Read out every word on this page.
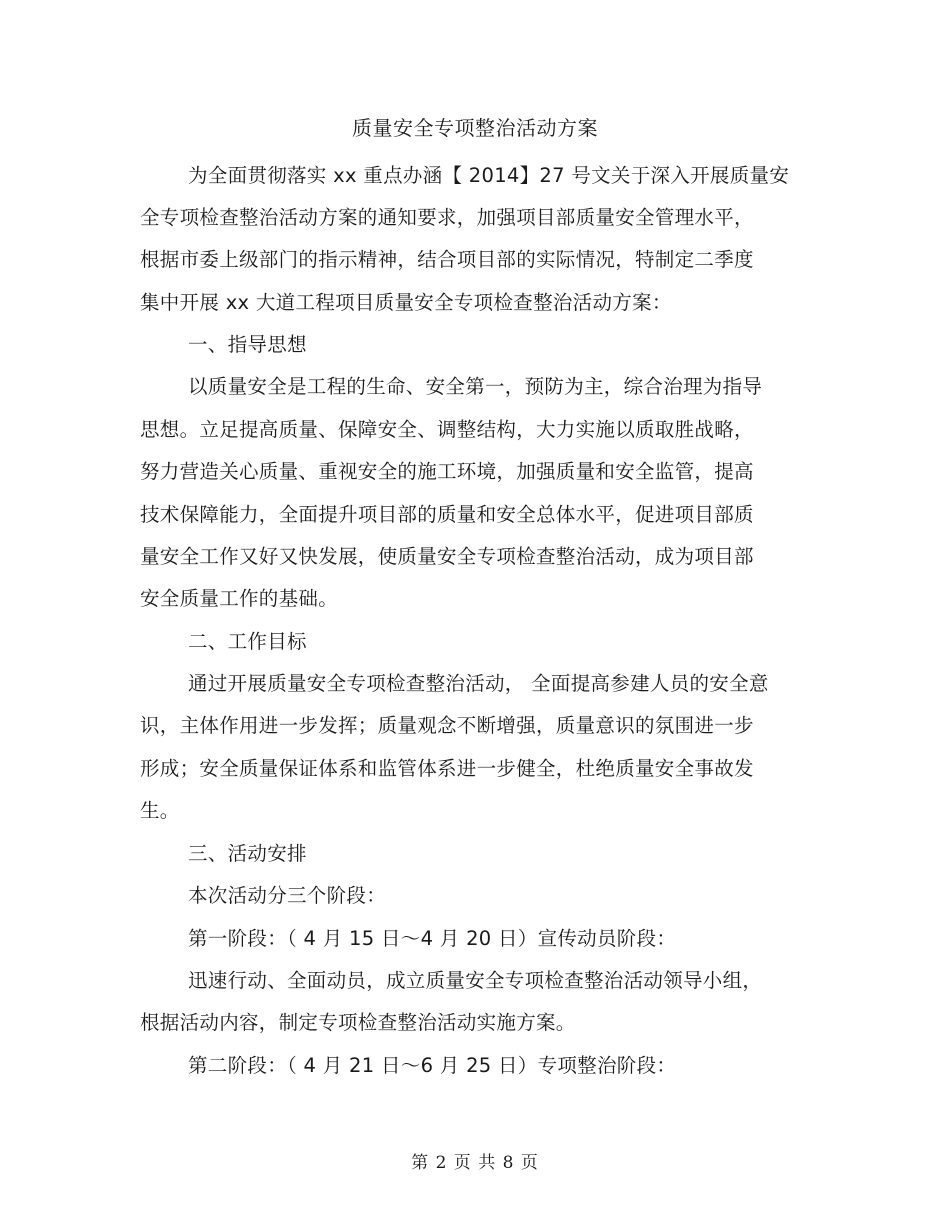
质量安全专项整治活动方案
为全面贯彻落实 xx 重点办涵【 2014】27 号文关于深入开展质量安
全专项检查整治活动方案的通知要求，加强项目部质量安全管理水平，
根据市委上级部门的指示精神，结合项目部的实际情况，特制定二季度
集中开展 xx 大道工程项目质量安全专项检查整治活动方案：
一、指导思想
以质量安全是工程的生命、安全第一，预防为主，综合治理为指导
思想。立足提高质量、保障安全、调整结构，大力实施以质取胜战略，
努力营造关心质量、重视安全的施工环境，加强质量和安全监管，提高
技术保障能力，全面提升项目部的质量和安全总体水平，促进项目部质
量安全工作又好又快发展，使质量安全专项检查整治活动，成为项目部
安全质量工作的基础。
二、工作目标
通过开展质量安全专项检查整治活动， 全面提高参建人员的安全意
识，主体作用进一步发挥；质量观念不断增强，质量意识的氛围进一步
形成；安全质量保证体系和监管体系进一步健全，杜绝质量安全事故发
生。
三、活动安排
本次活动分三个阶段：
第一阶段：（ 4 月 15 日～4 月 20 日）宣传动员阶段：
迅速行动、全面动员，成立质量安全专项检查整治活动领导小组，
根据活动内容，制定专项检查整治活动实施方案。
第二阶段：（ 4 月 21 日～6 月 25 日）专项整治阶段：
第 2 页 共 8 页
